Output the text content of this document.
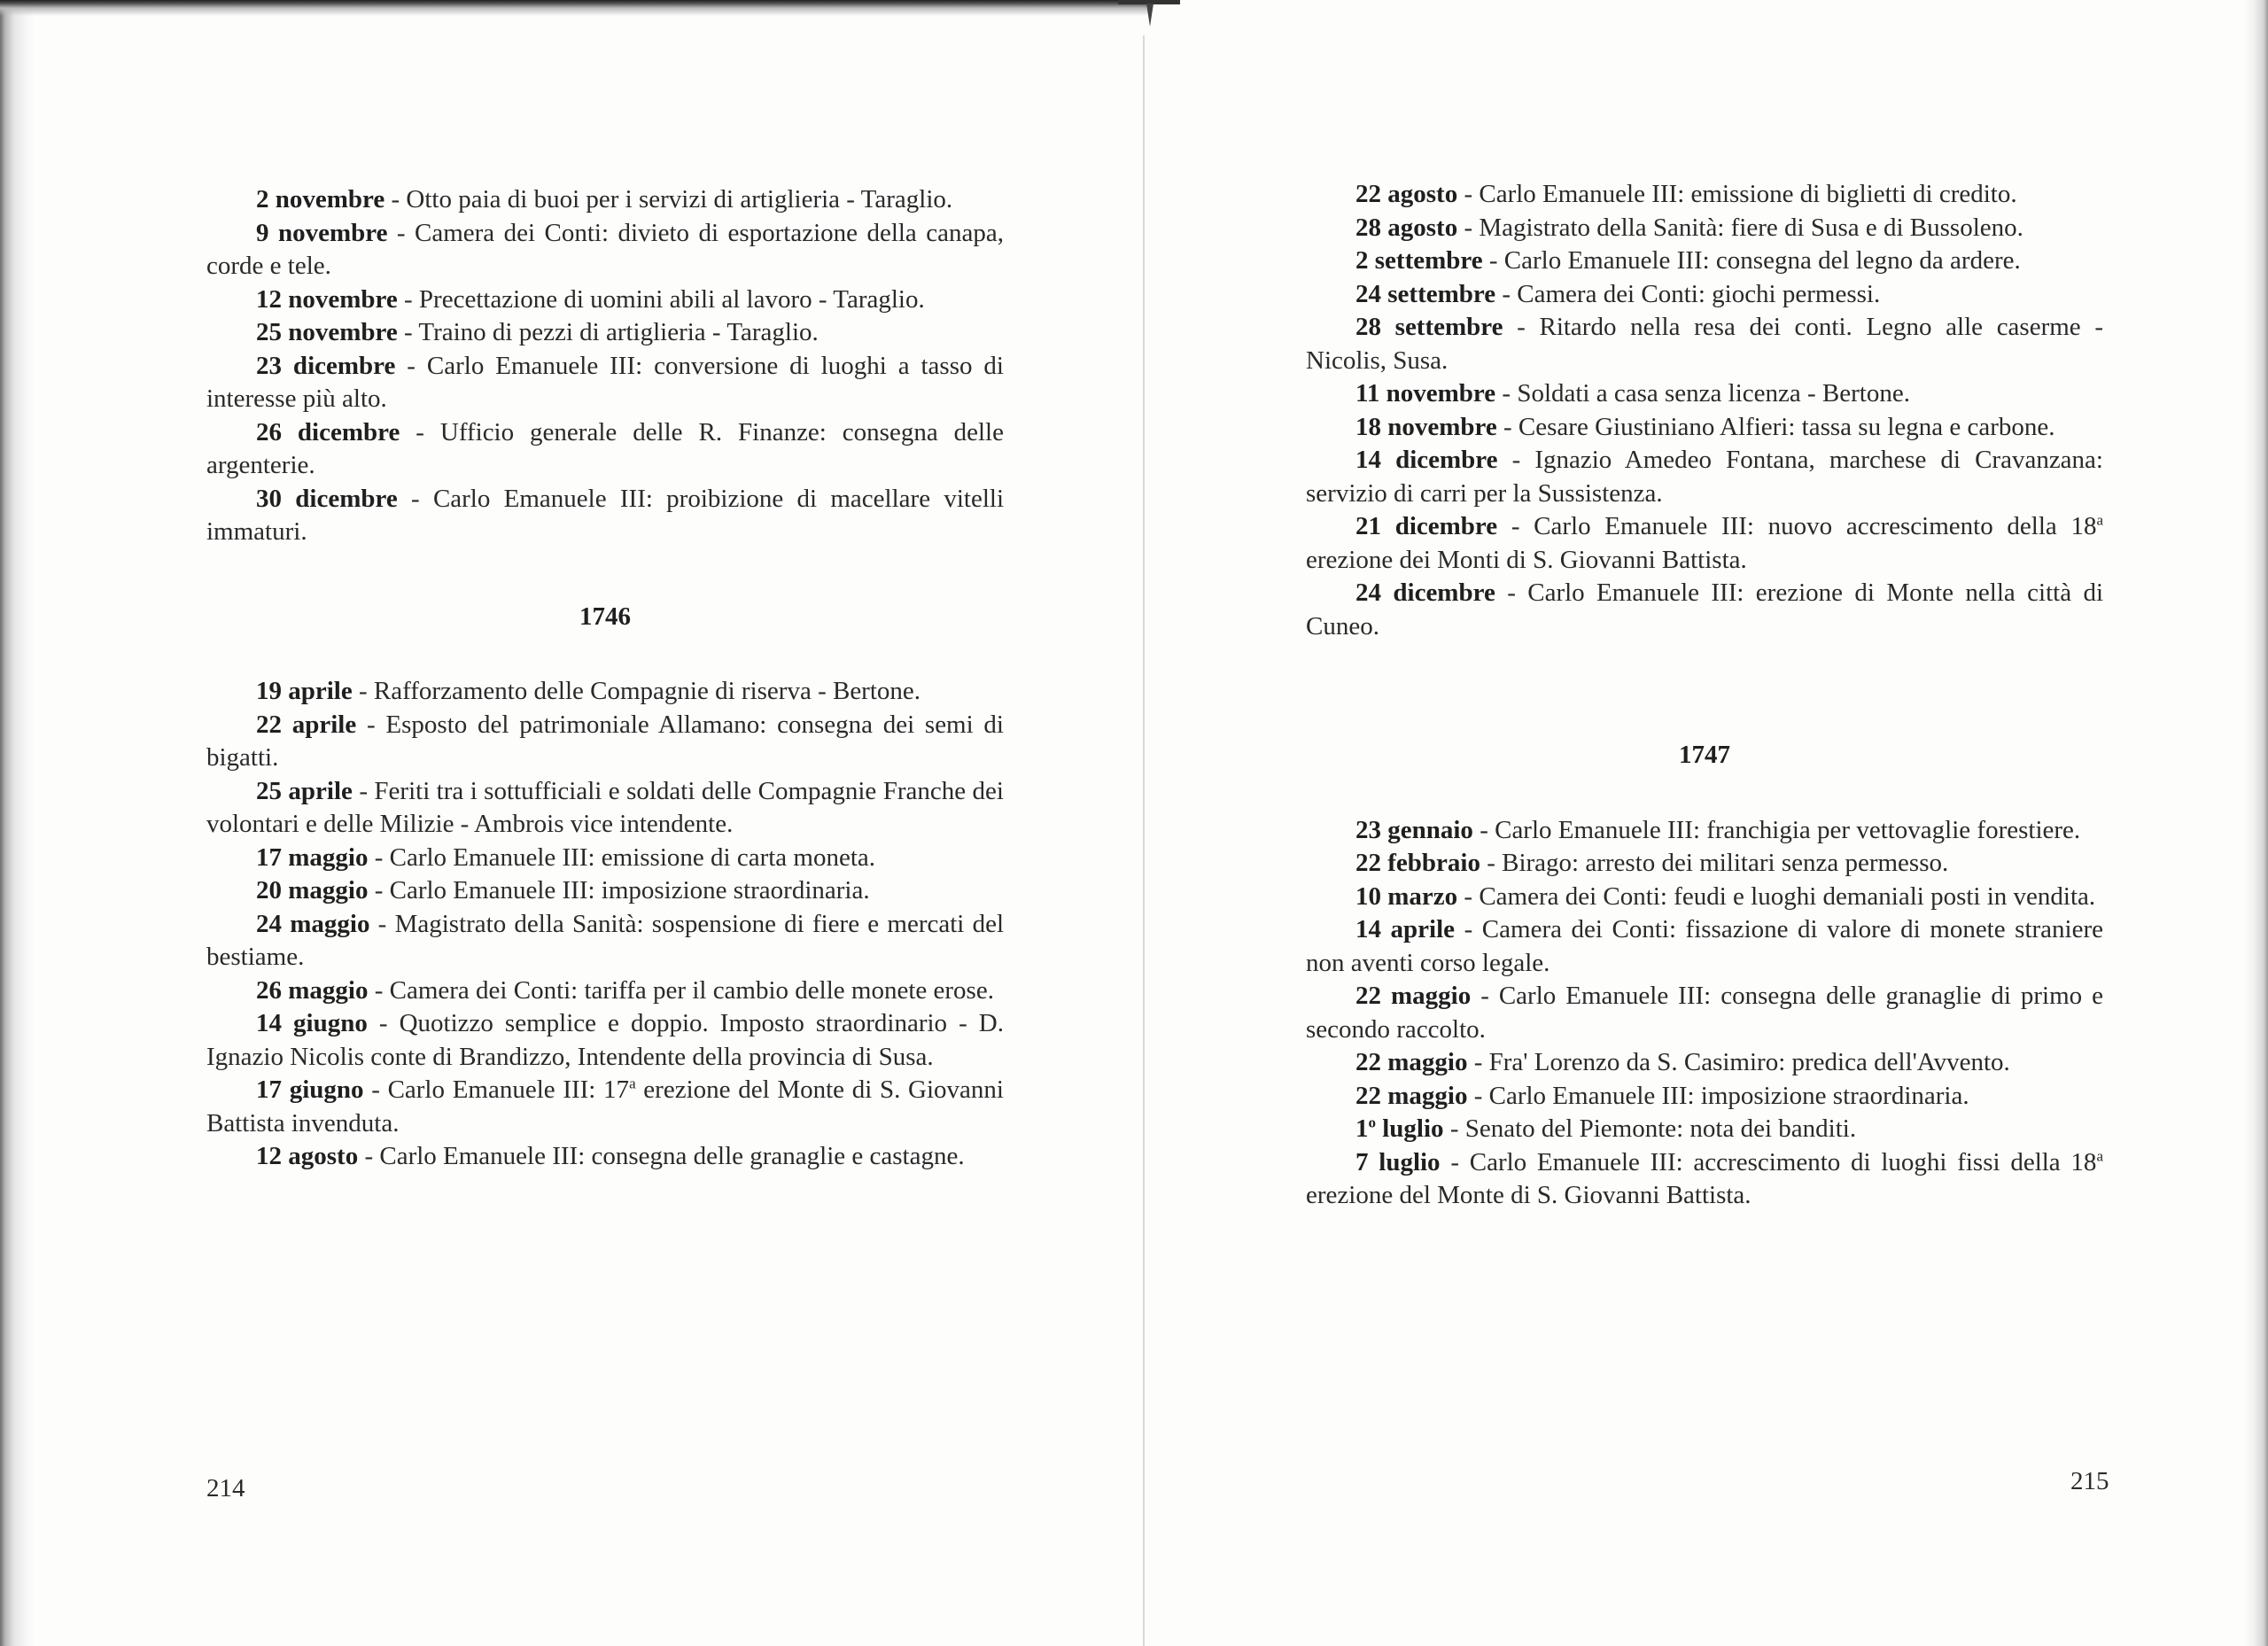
2 novembre - Otto paia di buoi per i servizi di artiglieria - Taraglio.

9 novembre - Camera dei Conti: divieto di esportazione della canapa, corde e tele.

12 novembre - Precettazione di uomini abili al lavoro - Taraglio.

25 novembre - Traino di pezzi di artiglieria - Taraglio.

23 dicembre - Carlo Emanuele III: conversione di luoghi a tasso di interesse più alto.

26 dicembre - Ufficio generale delle R. Finanze: consegna delle argenterie.

30 dicembre - Carlo Emanuele III: proibizione di macellare vitelli immaturi.

1746

19 aprile - Rafforzamento delle Compagnie di riserva - Bertone.

22 aprile - Esposto del patrimoniale Allamano: consegna dei semi di bigatti.

25 aprile - Feriti tra i sottufficiali e soldati delle Compagnie Franche dei volontari e delle Milizie - Ambrois vice intendente.

17 maggio - Carlo Emanuele III: emissione di carta moneta.

20 maggio - Carlo Emanuele III: imposizione straordinaria.

24 maggio - Magistrato della Sanità: sospensione di fiere e mercati del bestiame.

26 maggio - Camera dei Conti: tariffa per il cambio delle monete erose.

14 giugno - Quotizzo semplice e doppio. Imposto straordinario - D. Ignazio Nicolis conte di Brandizzo, Intendente della provincia di Susa.

17 giugno - Carlo Emanuele III: 17$^a$ erezione del Monte di S. Giovanni Battista invenduta.

12 agosto - Carlo Emanuele III: consegna delle granaglie e castagne.

214

22 agosto - Carlo Emanuele III: emissione di biglietti di credito.

28 agosto - Magistrato della Sanità: fiere di Susa e di Bussoleno.

2 settembre - Carlo Emanuele III: consegna del legno da ardere.

24 settembre - Camera dei Conti: giochi permessi.

28 settembre - Ritardo nella resa dei conti. Legno alle caserme - Nicolis, Susa.

11 novembre - Soldati a casa senza licenza - Bertone.

18 novembre - Cesare Giustiniano Alfieri: tassa su legna e carbone.

14 dicembre - Ignazio Amedeo Fontana, marchese di Cravanzana: servizio di carri per la Sussistenza.

21 dicembre - Carlo Emanuele III: nuovo accrescimento della 18$^a$ erezione dei Monti di S. Giovanni Battista.

24 dicembre - Carlo Emanuele III: erezione di Monte nella città di Cuneo.

1747

23 gennaio - Carlo Emanuele III: franchigia per vettovaglie forestiere.

22 febbraio - Birago: arresto dei militari senza permesso.

10 marzo - Camera dei Conti: feudi e luoghi demaniali posti in vendita.

14 aprile - Camera dei Conti: fissazione di valore di monete straniere non aventi corso legale.

22 maggio - Carlo Emanuele III: consegna delle granaglie di primo e secondo raccolto.

22 maggio - Fra' Lorenzo da S. Casimiro: predica dell'Avvento.

22 maggio - Carlo Emanuele III: imposizione straordinaria.

1$^o$ luglio - Senato del Piemonte: nota dei banditi.

7 luglio - Carlo Emanuele III: accrescimento di luoghi fissi della 18$^a$ erezione del Monte di S. Giovanni Battista.

215
